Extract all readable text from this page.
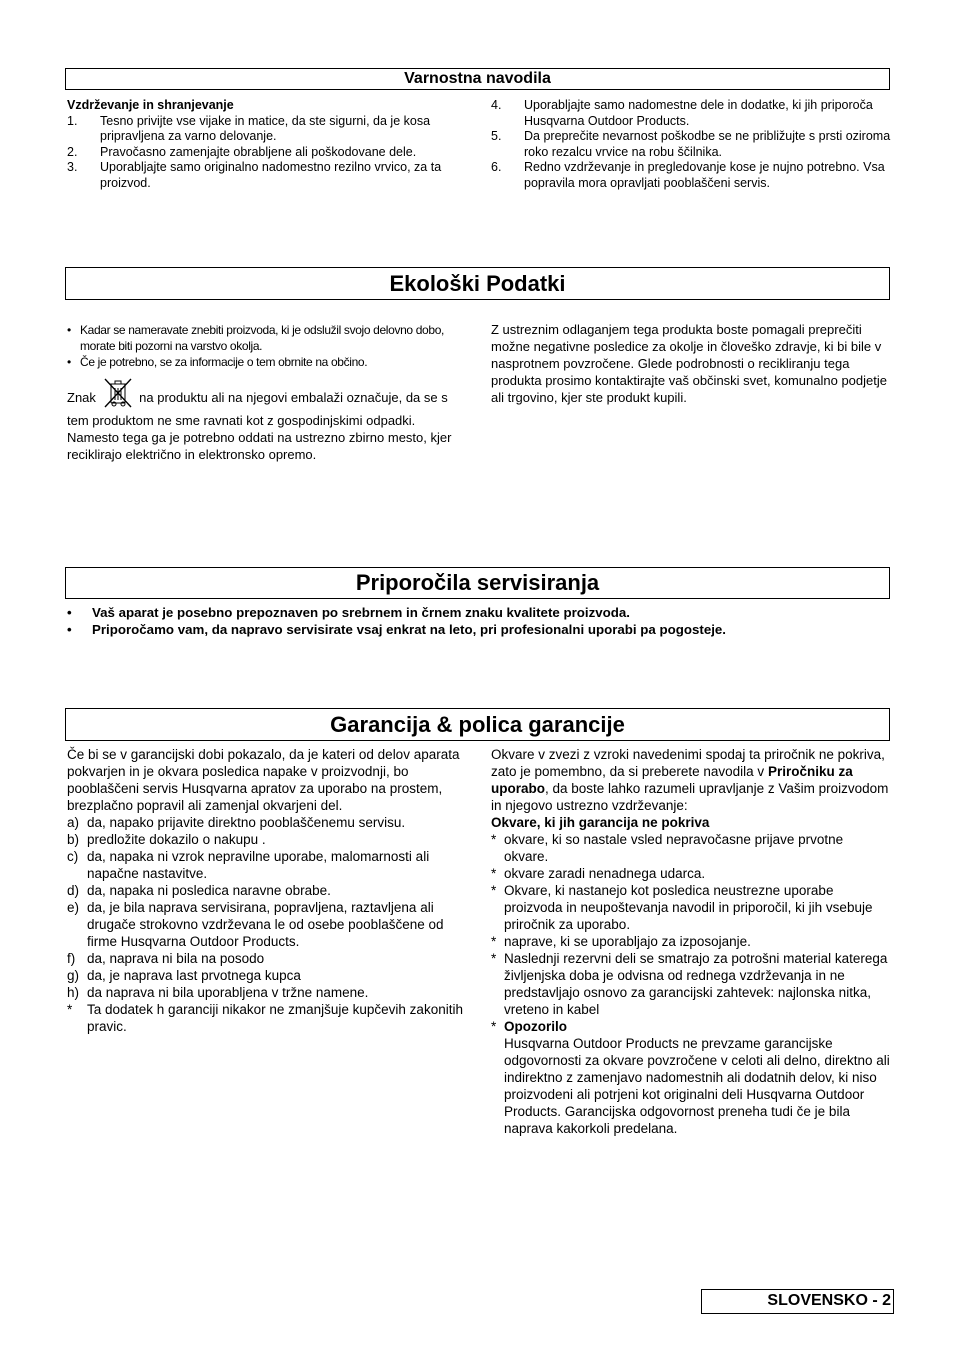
Varnostna navodila

Vzdrževanje in shranjevanje

1. Tesno privijte vse vijake in matice, da ste sigurni, da je kosa pripravljena za varno delovanje.
2. Pravočasno zamenjajte obrabljene ali poškodovane dele.
3. Uporabljajte samo originalno nadomestno rezilno vrvico, za ta proizvod.
4. Uporabljajte samo nadomestne dele in dodatke, ki jih priporoča Husqvarna Outdoor Products.
5. Da preprečite nevarnost poškodbe se ne približujte s prsti oziroma roko rezalcu vrvice na robu ščilnika.
6. Redno vzdrževanje in pregledovanje kose je nujno potrebno. Vsa popravila mora opravljati pooblaščeni servis.
Ekološki Podatki
• Kadar se nameravate znebiti proizvoda, ki je odslužil svojo delovno dobo, morate biti pozorni na varstvo okolja.
• Če je potrebno, se za informacije o tem obrnite na občino.

Znak	na produktu ali na njegovi embalaži označuje, da se s tem produktom ne sme ravnati kot z gospodinjskimi odpadki. Namesto tega ga je potrebno oddati na ustrezno zbirno mesto, kjer reciklirajo električno in elektronsko opremo.

Z ustreznim odlaganjem tega produkta boste pomagali preprečiti možne negativne posledice za okolje in človeško zdravje, ki bi bile v nasprotnem povzročene. Glede podrobnosti o recikliranju tega produkta prosimo kontaktirajte vaš občinski svet, komunalno podjetje ali trgovino, kjer ste produkt kupili.

Priporočila servisiranja
• Vaš aparat je posebno prepoznaven po srebrnem in črnem znaku kvalitete proizvoda.
• Priporočamo vam, da napravo servisirate vsaj enkrat na leto, pri profesionalni uporabi pa pogosteje.
Garancija & polica garancije

Če bi se v garancijski dobi pokazalo, da je kateri od delov aparata pokvarjen in je okvara posledica napake v proizvodnji, bo pooblaščeni servis Husqvarna apratov za uporabo na prostem, brezplačno popravil ali zamenjal okvarjeni del.

a) da, napako prijavite direktno pooblaščenemu servisu.
b) predložite dokazilo o nakupu .
c) da, napaka ni vzrok nepravilne uporabe, malomarnosti ali napačne nastavitve.
d) da, napaka ni posledica naravne obrabe.
e) da, je bila naprava servisirana, popravljena, raztavljena ali drugače strokovno vzdrževana le od osebe pooblaščene od firme Husqvarna Outdoor Products.
f) da, naprava ni bila na posodo
g) da, je naprava last prvotnega kupca
h) da naprava ni bila uporabljena v tržne namene.
* Ta dodatek h garanciji nikakor ne zmanjšuje kupčevih zakonitih pravic.

Okvare v zvezi z vzroki navedenimi spodaj ta priročnik ne pokriva, zato je pomembno, da si preberete navodila v Priročniku za uporabo, da boste lahko razumeli upravljanje z Vašim proizvodom in njegovo ustrezno vzdrževanje:

Okvare, ki jih garancija ne pokriva

* okvare, ki so nastale vsled nepravočasne prijave prvotne okvare.
* okvare zaradi nenadnega udarca.
* Okvare, ki nastanejo kot posledica neustrezne uporabe proizvoda in neupoštevanja navodil in priporočil, ki jih vsebuje priročnik za uporabo.
* naprave, ki se uporabljajo za izposojanje.
* Naslednji rezervni deli se smatrajo za potrošni material katerega življenjska doba je odvisna od rednega vzdrževanja in ne predstavljajo osnovo za garancijski zahtevek: najlonska nitka, vreteno in kabel
* Opozorilo

Husqvarna Outdoor Products ne prevzame garancijske odgovornosti za okvare povzročene v celoti ali delno, direktno ali indirektno z zamenjavo nadomestnih ali dodatnih delov, ki niso proizvodeni ali potrjeni kot originalni deli Husqvarna Outdoor Products. Garancijska odgovornost preneha tudi če je bila naprava kakorkoli predelana.

SLOVENSKO - 2
